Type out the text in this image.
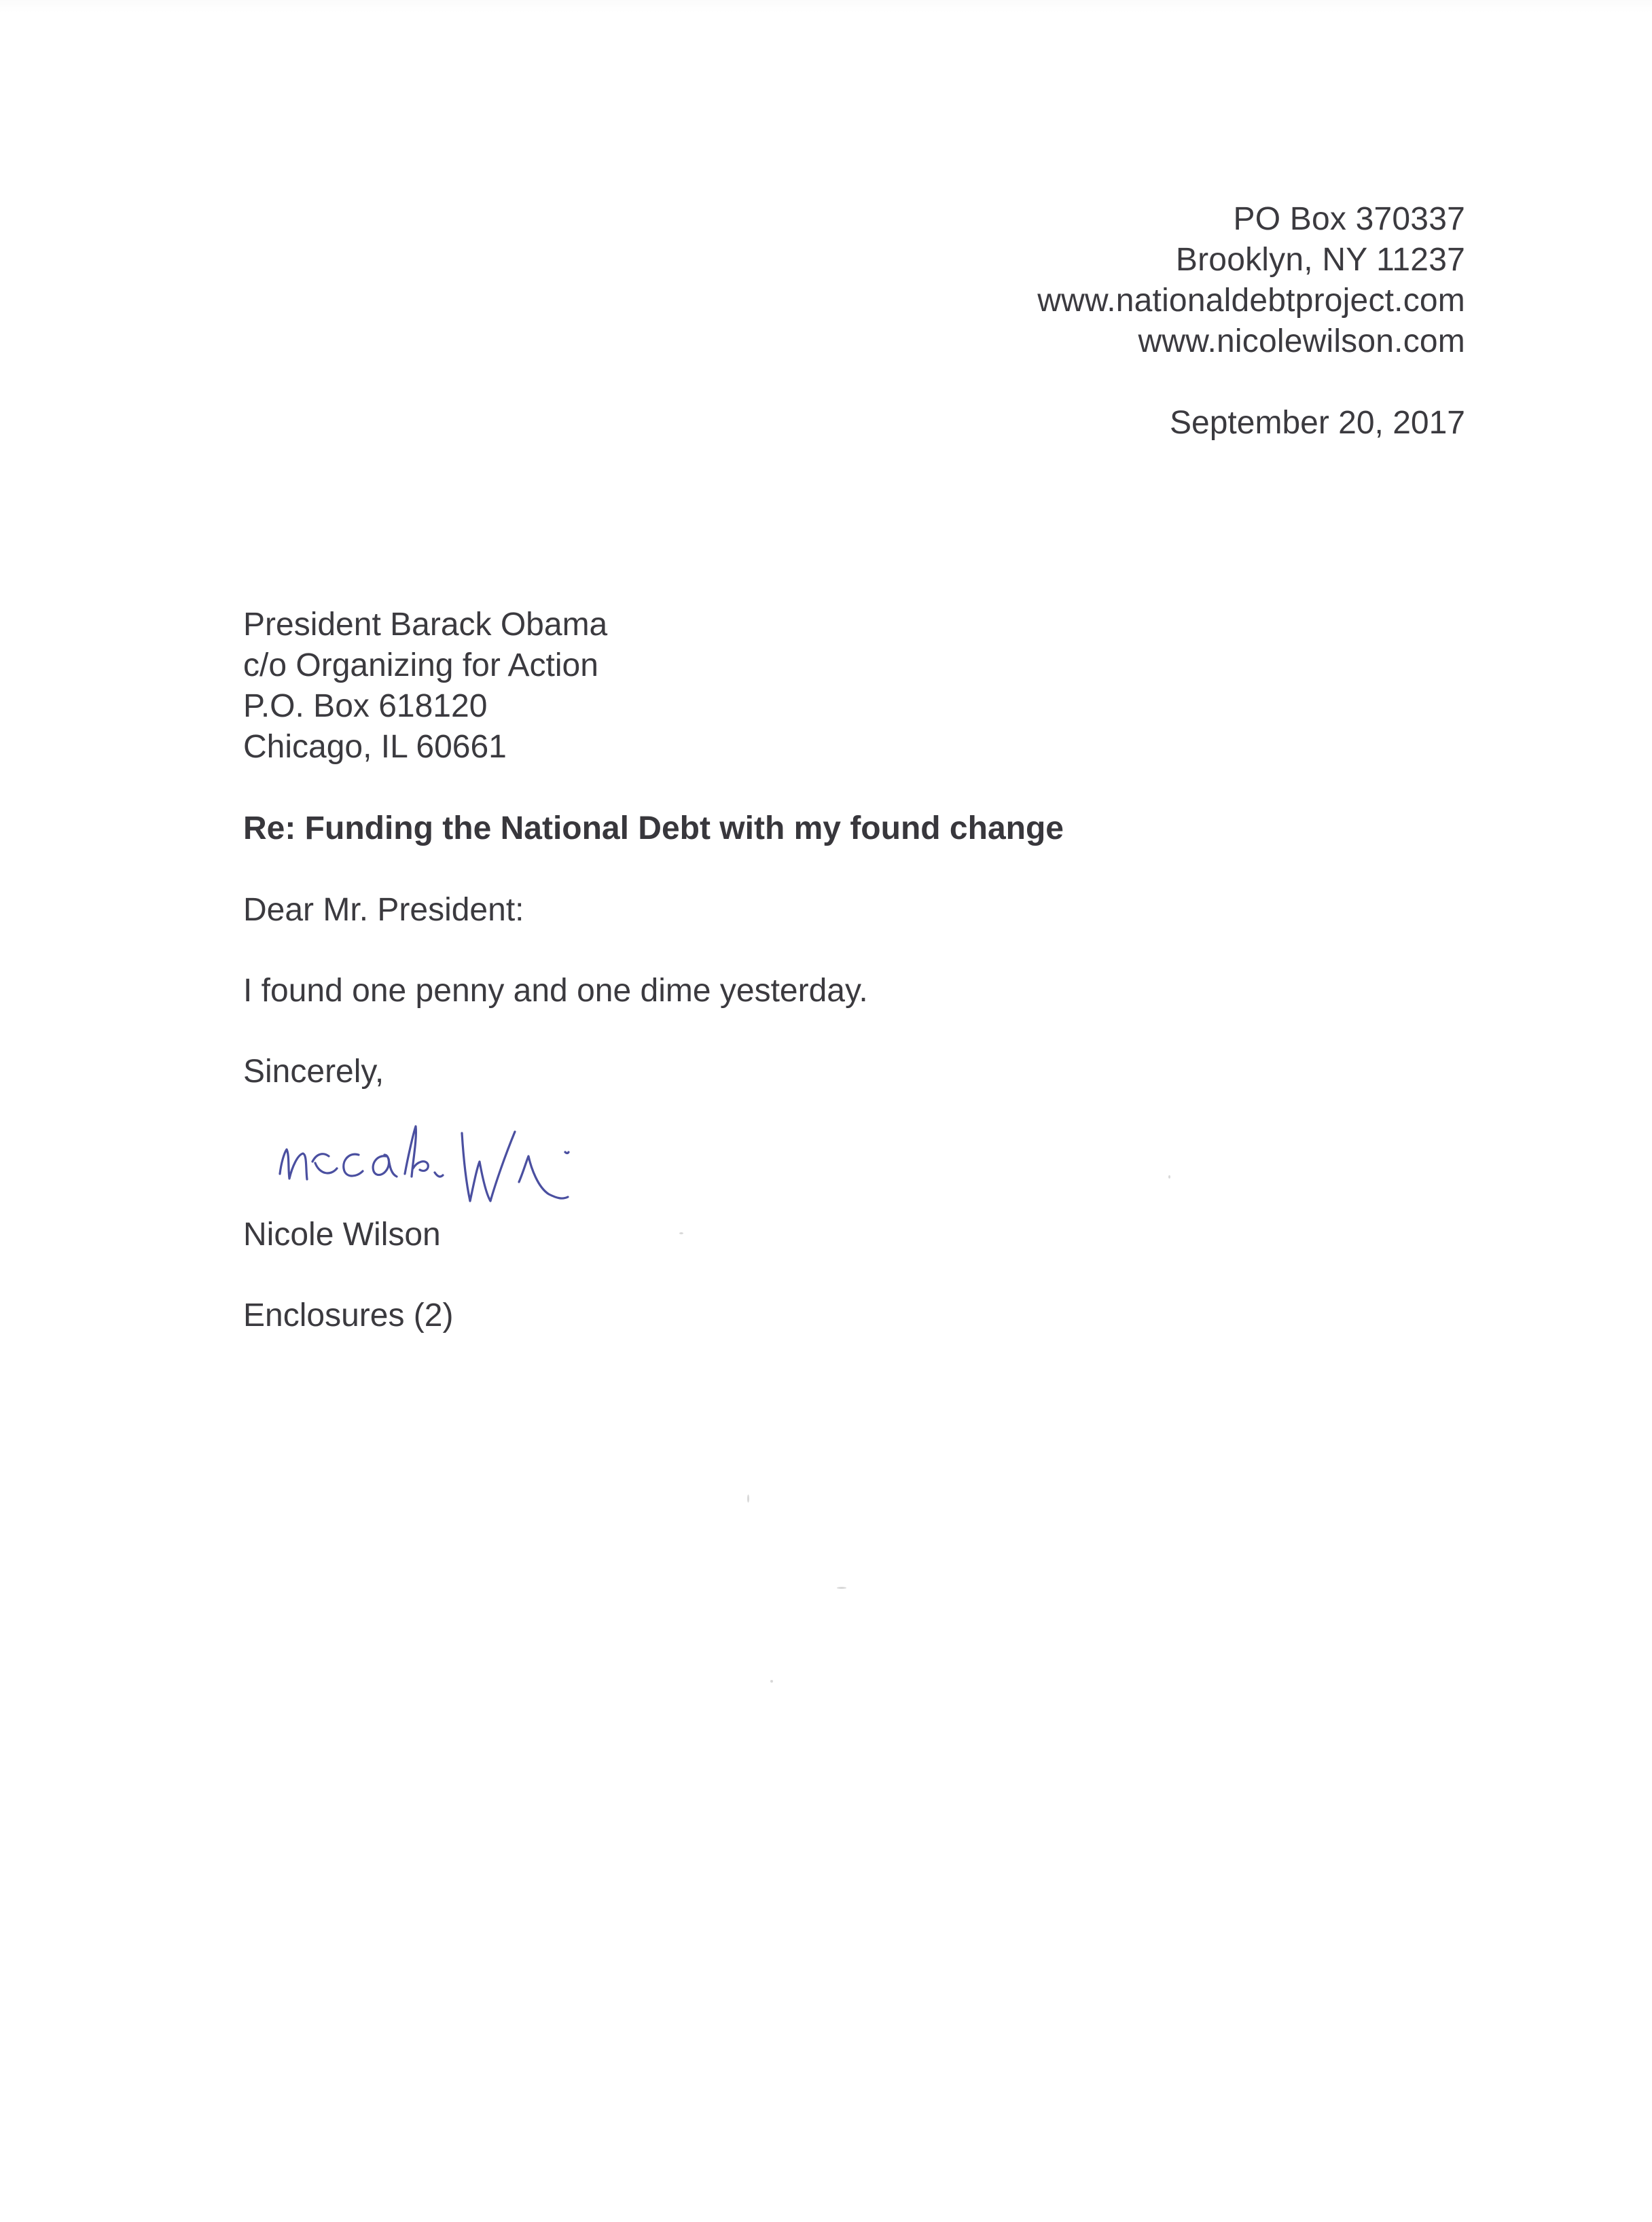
PO Box 370337
Brooklyn, NY 11237
www.nationaldebtproject.com
www.nicolewilson.com
September 20, 2017
President Barack Obama
c/o Organizing for Action
P.O. Box 618120
Chicago, IL 60661
Re: Funding the National Debt with my found change
Dear Mr. President:
I found one penny and one dime yesterday.
Sincerely,
Nicole Wilson
Enclosures (2)
